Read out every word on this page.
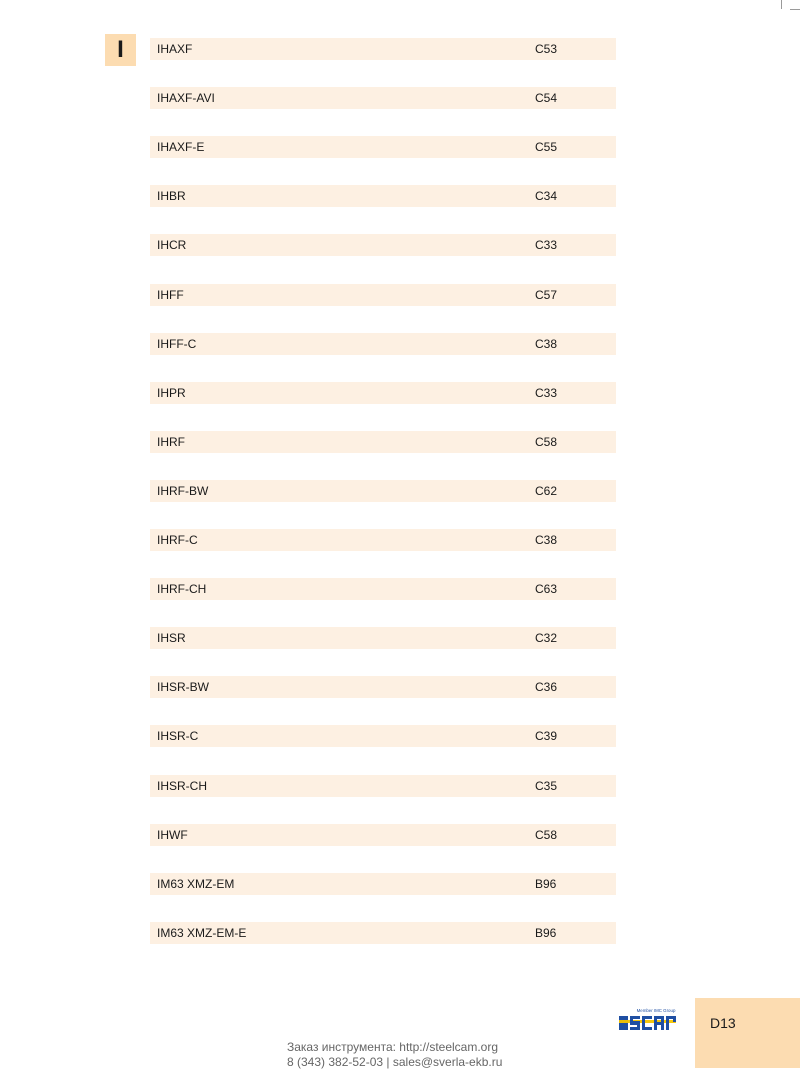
I	IHAXF	C53
IHAXF-AVI	C54
IHAXF-E	C55
IHBR	C34
IHCR	C33
IHFF	C57
IHFF-C	C38
IHPR	C33
IHRF	C58
IHRF-BW	C62
IHRF-C	C38
IHRF-CH	C63
IHSR	C32
IHSR-BW	C36
IHSR-C	C39
IHSR-CH	C35
IHWF	C58
IM63 XMZ-EM	B96
IM63 XMZ-EM-E	B96
Member IMC Group
D13
Заказ инструмента: http://steelcam.org
8 (343) 382-52-03 | sales@sverla-ekb.ru
